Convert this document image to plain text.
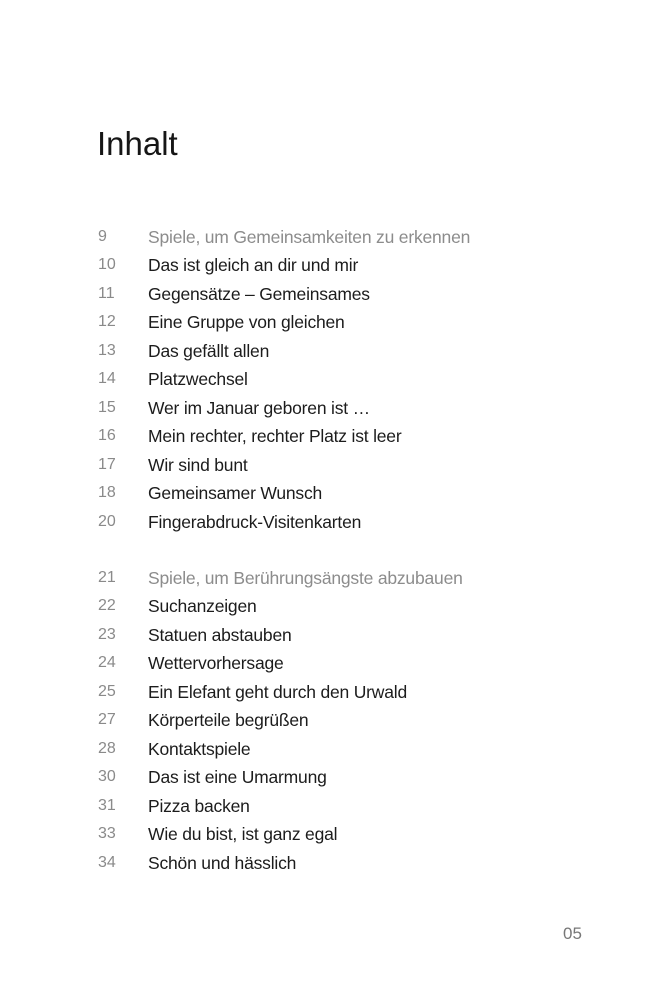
Inhalt
9	Spiele, um Gemeinsamkeiten zu erkennen
10	Das ist gleich an dir und mir
11	Gegensätze – Gemeinsames
12	Eine Gruppe von gleichen
13	Das gefällt allen
14	Platzwechsel
15	Wer im Januar geboren ist …
16	Mein rechter, rechter Platz ist leer
17	Wir sind bunt
18	Gemeinsamer Wunsch
20	Fingerabdruck-Visitenkarten
21	Spiele, um Berührungsängste abzubauen
22	Suchanzeigen
23	Statuen abstauben
24	Wettervorhersage
25	Ein Elefant geht durch den Urwald
27	Körperteile begrüßen
28	Kontaktspiele
30	Das ist eine Umarmung
31	Pizza backen
33	Wie du bist, ist ganz egal
34	Schön und hässlich
05
